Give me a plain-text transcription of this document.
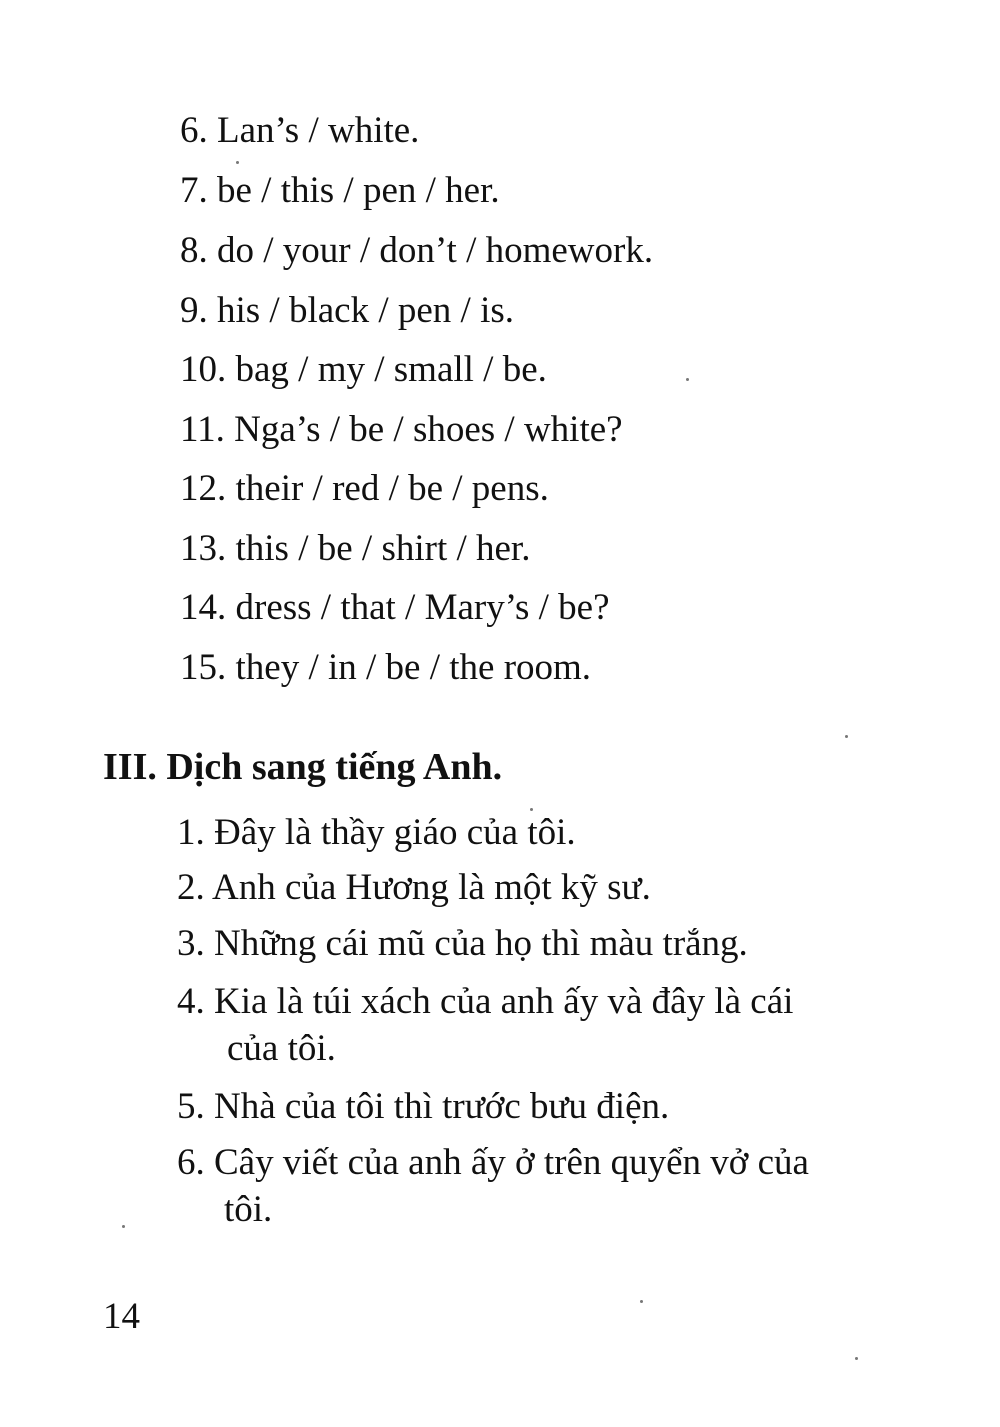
6. Lan’s / white.
7. be / this / pen / her.
8. do / your / don’t / homework.
9. his / black / pen / is.
10. bag / my / small / be.
11. Nga’s / be / shoes / white?
12. their / red / be / pens.
13. this / be / shirt / her.
14. dress / that / Mary’s / be?
15. they / in / be / the room.
III. Dịch sang tiếng Anh.
1. Đây là thầy giáo của tôi.
2. Anh của Hương là một kỹ sư.
3. Những cái mũ của họ thì màu trắng.
4. Kia là túi xách của anh ấy và đây là cái
của tôi.
5. Nhà của tôi thì trước bưu điện.
6. Cây viết của anh ấy ở trên quyển vở của
tôi.
14
